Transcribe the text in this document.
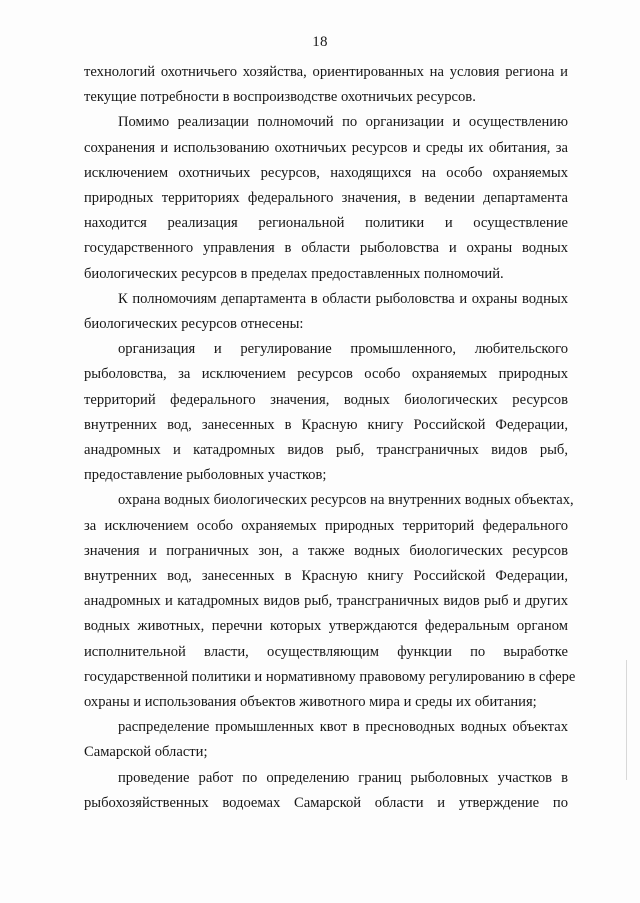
18
технологий охотничьего хозяйства, ориентированных на условия региона и
текущие потребности в воспроизводстве охотничьих ресурсов.
Помимо реализации полномочий по организации и осуществлению
сохранения и использованию охотничьих ресурсов и среды их обитания, за
исключением охотничьих ресурсов, находящихся на особо охраняемых
природных территориях федерального значения, в ведении департамента
находится реализация региональной политики и осуществление
государственного управления в области рыболовства и охраны водных
биологических ресурсов в пределах предоставленных полномочий.
К полномочиям департамента в области рыболовства и охраны водных
биологических ресурсов отнесены:
организация и регулирование промышленного, любительского
рыболовства, за исключением ресурсов особо охраняемых природных
территорий федерального значения, водных биологических ресурсов
внутренних вод, занесенных в Красную книгу Российской Федерации,
анадромных и катадромных видов рыб, трансграничных видов рыб,
предоставление рыболовных участков;
охрана водных биологических ресурсов на внутренних водных объектах,
за исключением особо охраняемых природных территорий федерального
значения и пограничных зон, а также водных биологических ресурсов
внутренних вод, занесенных в Красную книгу Российской Федерации,
анадромных и катадромных видов рыб, трансграничных видов рыб и других
водных животных, перечни которых утверждаются федеральным органом
исполнительной власти, осуществляющим функции по выработке
государственной политики и нормативному правовому регулированию в сфере
охраны и использования объектов животного мира и среды их обитания;
распределение промышленных квот в пресноводных водных объектах
Самарской области;
проведение работ по определению границ рыболовных участков в
рыбохозяйственных водоемах Самарской области и утверждение по
